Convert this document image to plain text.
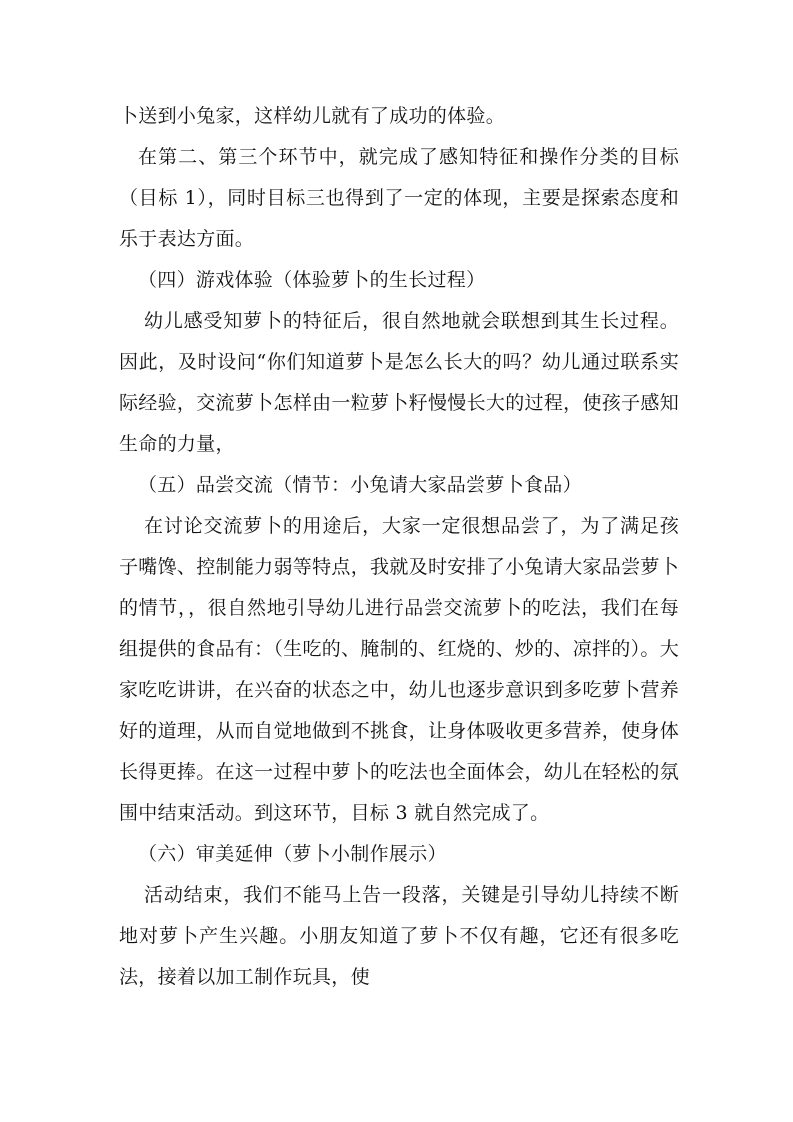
卜送到小兔家，这样幼儿就有了成功的体验。

在第二、第三个环节中，就完成了感知特征和操作分类的目标（目标 1），同时目标三也得到了一定的体现，主要是探索态度和乐于表达方面。

（四）游戏体验（体验萝卜的生长过程）

幼儿感受知萝卜的特征后，很自然地就会联想到其生长过程。因此，及时设问“你们知道萝卜是怎么长大的吗？幼儿通过联系实际经验，交流萝卜怎样由一粒萝卜籽慢慢长大的过程，使孩子感知生命的力量，

（五）品尝交流（情节：小兔请大家品尝萝卜食品）

在讨论交流萝卜的用途后，大家一定很想品尝了，为了满足孩子嘴馋、控制能力弱等特点，我就及时安排了小兔请大家品尝萝卜的情节，，很自然地引导幼儿进行品尝交流萝卜的吃法，我们在每组提供的食品有：（生吃的、腌制的、红烧的、炒的、凉拌的）。大家吃吃讲讲，在兴奋的状态之中，幼儿也逐步意识到多吃萝卜营养好的道理，从而自觉地做到不挑食，让身体吸收更多营养，使身体长得更捧。在这一过程中萝卜的吃法也全面体会，幼儿在轻松的氛围中结束活动。到这环节，目标 3 就自然完成了。

（六）审美延伸（萝卜小制作展示）

活动结束，我们不能马上告一段落，关键是引导幼儿持续不断地对萝卜产生兴趣。小朋友知道了萝卜不仅有趣，它还有很多吃法，接着以加工制作玩具，使
